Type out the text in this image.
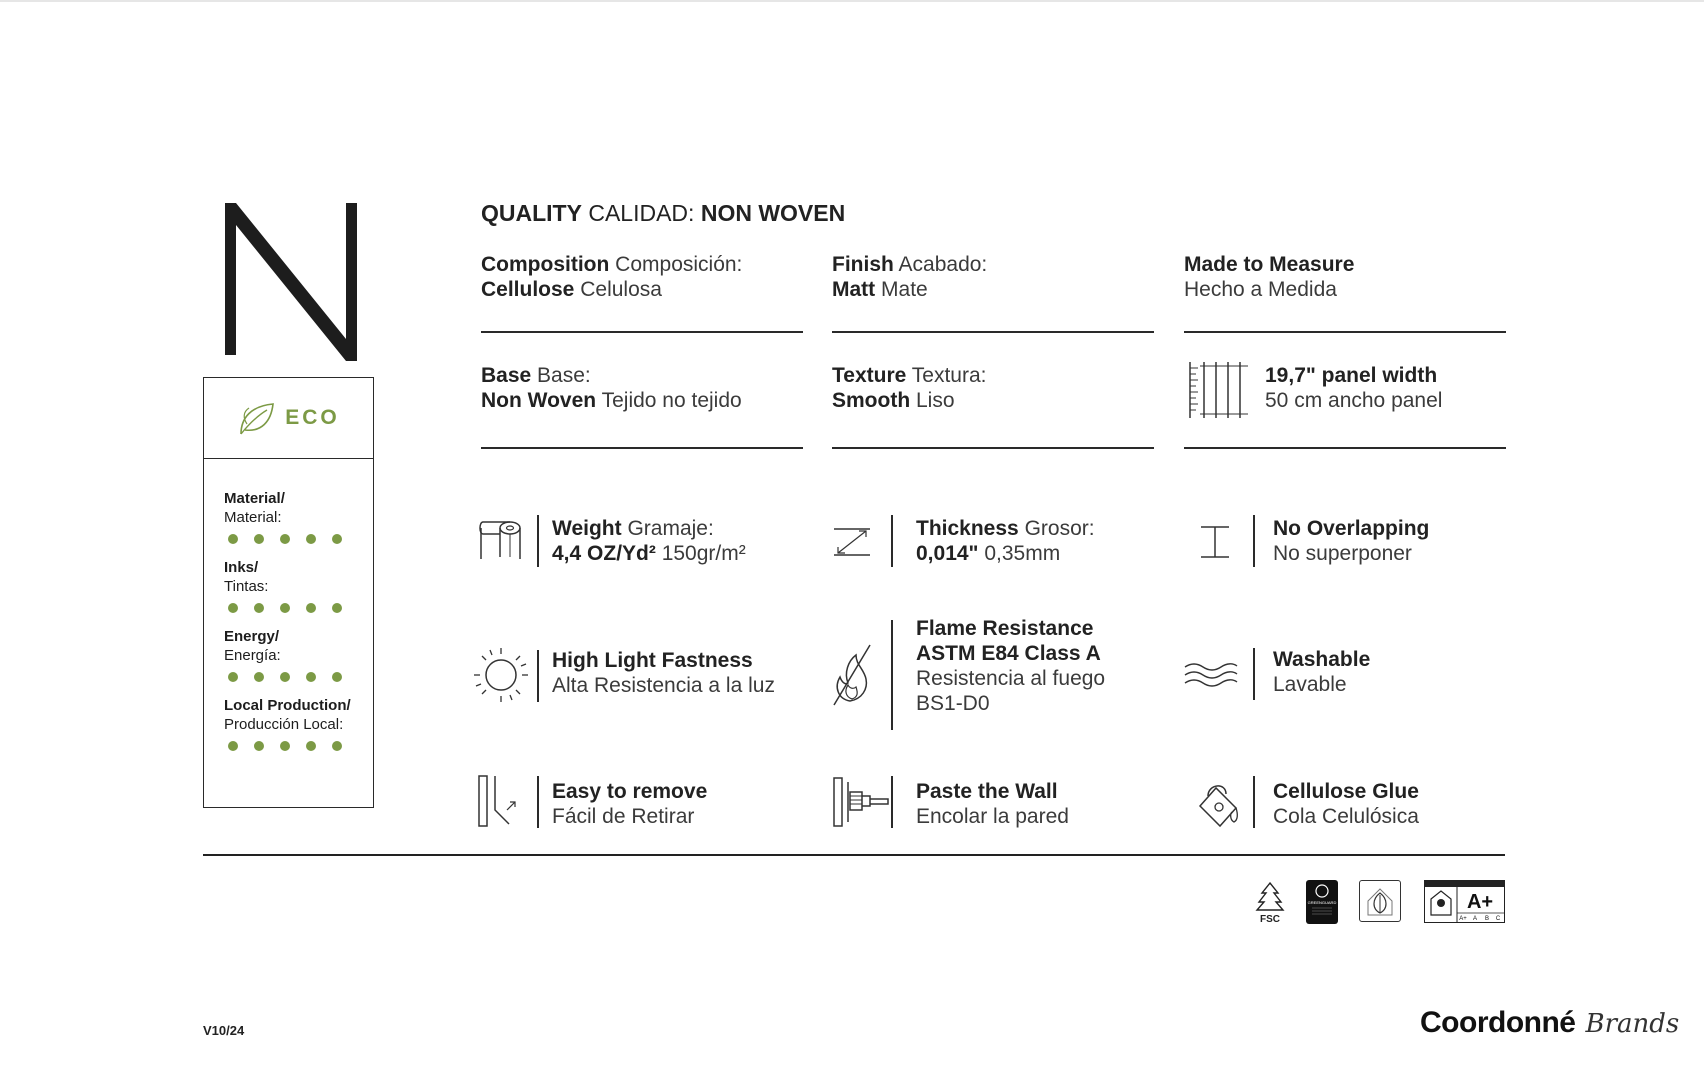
ECO
Material/
Material:
Inks/
Tintas:
Energy/
Energía:
Local Production/
Producción Local:
QUALITY CALIDAD: NON WOVEN
Composition Composición:
Cellulose Celulosa
Finish Acabado:
Matt Mate
Made to Measure
Hecho a Medida
Base Base:
Non Woven Tejido no tejido
Texture Textura:
Smooth Liso
19,7" panel width
50 cm ancho panel
Weight Gramaje:
4,4 OZ/Yd² 150gr/m²
Thickness Grosor:
0,014" 0,35mm
No Overlapping
No superponer
High Light Fastness
Alta Resistencia a la luz
Flame Resistance
ASTM E84 Class A
Resistencia al fuego
BS1-D0
Washable
Lavable
Easy to remove
Fácil de Retirar
Paste the Wall
Encolar la pared
Cellulose Glue
Cola Celulósica
FSC
GREENGUARD	A+
A+ A B C
V10/24	Coordonné Brands
